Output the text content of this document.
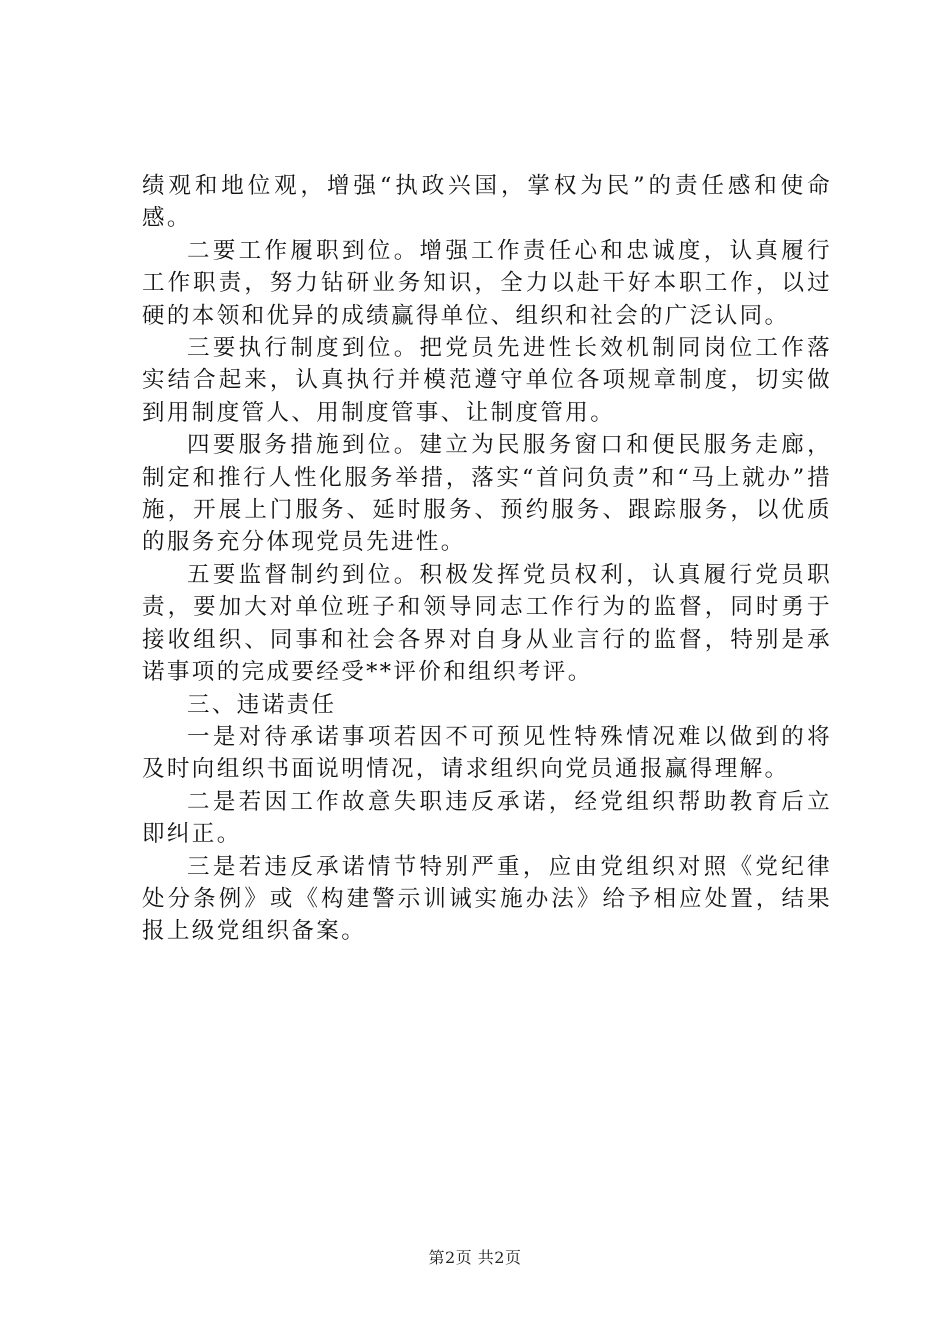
绩观和地位观，增强“执政兴国，掌权为民”的责任感和使命感。

二要工作履职到位。增强工作责任心和忠诚度，认真履行工作职责，努力钻研业务知识，全力以赴干好本职工作，以过硬的本领和优异的成绩赢得单位、组织和社会的广泛认同。

三要执行制度到位。把党员先进性长效机制同岗位工作落实结合起来，认真执行并模范遵守单位各项规章制度，切实做到用制度管人、用制度管事、让制度管用。

四要服务措施到位。建立为民服务窗口和便民服务走廊，制定和推行人性化服务举措，落实“首问负责”和“马上就办”措施，开展上门服务、延时服务、预约服务、跟踪服务，以优质的服务充分体现党员先进性。

五要监督制约到位。积极发挥党员权利，认真履行党员职责，要加大对单位班子和领导同志工作行为的监督，同时勇于接收组织、同事和社会各界对自身从业言行的监督，特别是承诺事项的完成要经受**评价和组织考评。

三、违诺责任

一是对待承诺事项若因不可预见性特殊情况难以做到的将及时向组织书面说明情况，请求组织向党员通报赢得理解。

二是若因工作故意失职违反承诺，经党组织帮助教育后立即纠正。

三是若违反承诺情节特别严重，应由党组织对照《党纪律处分条例》或《构建警示训诫实施办法》给予相应处置，结果报上级党组织备案。

第2页 共2页
